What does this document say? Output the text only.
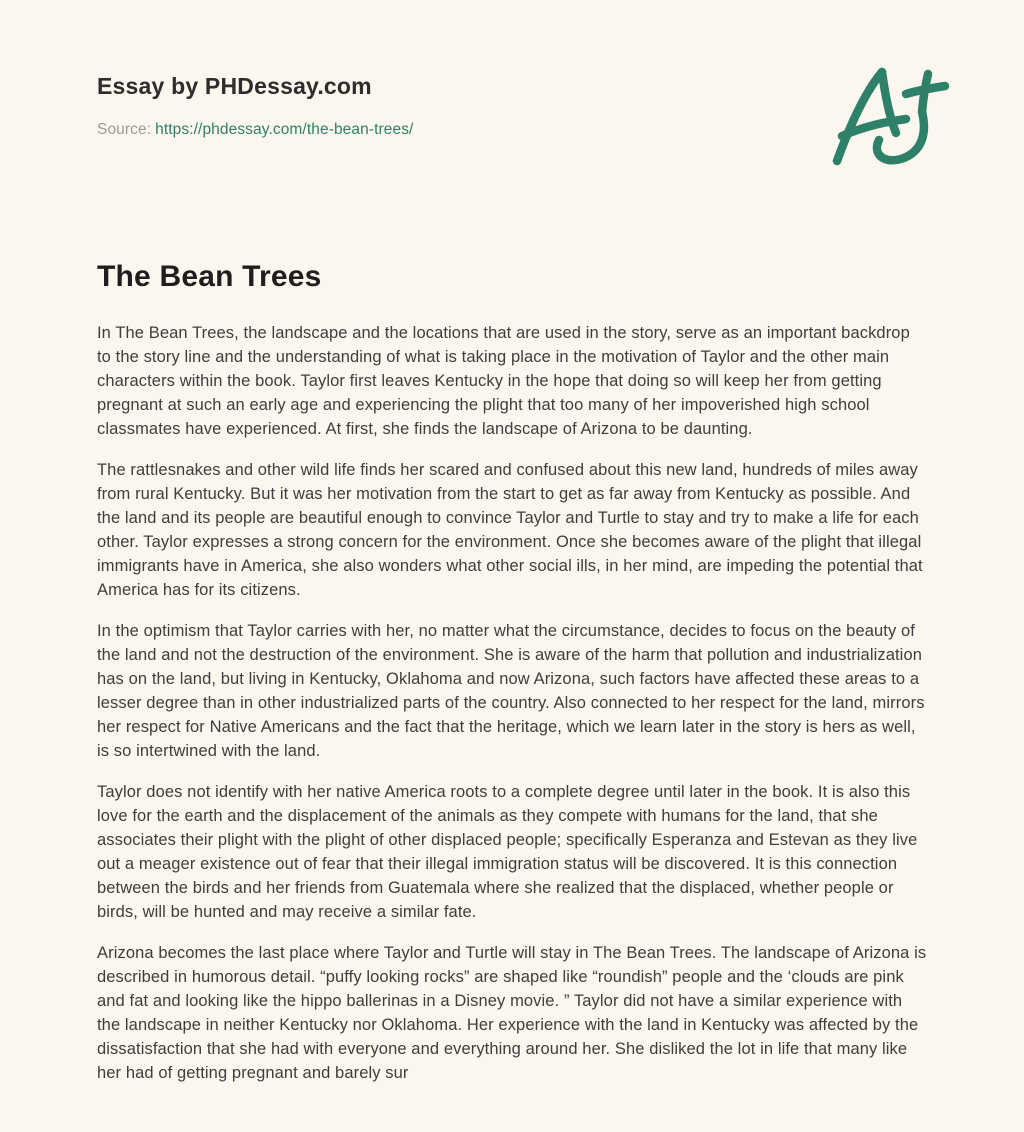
Essay by PHDessay.com
Source: https://phdessay.com/the-bean-trees/
The Bean Trees

In The Bean Trees, the landscape and the locations that are used in the story, serve as an important backdrop to the story line and the understanding of what is taking place in the motivation of Taylor and the other main characters within the book. Taylor first leaves Kentucky in the hope that doing so will keep her from getting pregnant at such an early age and experiencing the plight that too many of her impoverished high school classmates have experienced. At first, she finds the landscape of Arizona to be daunting.

The rattlesnakes and other wild life finds her scared and confused about this new land, hundreds of miles away from rural Kentucky. But it was her motivation from the start to get as far away from Kentucky as possible. And the land and its people are beautiful enough to convince Taylor and Turtle to stay and try to make a life for each other. Taylor expresses a strong concern for the environment. Once she becomes aware of the plight that illegal immigrants have in America, she also wonders what other social ills, in her mind, are impeding the potential that America has for its citizens.

In the optimism that Taylor carries with her, no matter what the circumstance, decides to focus on the beauty of the land and not the destruction of the environment. She is aware of the harm that pollution and industrialization has on the land, but living in Kentucky, Oklahoma and now Arizona, such factors have affected these areas to a lesser degree than in other industrialized parts of the country. Also connected to her respect for the land, mirrors her respect for Native Americans and the fact that the heritage, which we learn later in the story is hers as well, is so intertwined with the land.

Taylor does not identify with her native America roots to a complete degree until later in the book. It is also this love for the earth and the displacement of the animals as they compete with humans for the land, that she associates their plight with the plight of other displaced people; specifically Esperanza and Estevan as they live out a meager existence out of fear that their illegal immigration status will be discovered. It is this connection between the birds and her friends from Guatemala where she realized that the displaced, whether people or birds, will be hunted and may receive a similar fate.

Arizona becomes the last place where Taylor and Turtle will stay in The Bean Trees. The landscape of Arizona is described in humorous detail. “puffy looking rocks” are shaped like “roundish” people and the ‘clouds are pink and fat and looking like the hippo ballerinas in a Disney movie. ” Taylor did not have a similar experience with the landscape in neither Kentucky nor Oklahoma. Her experience with the land in Kentucky was affected by the dissatisfaction that she had with everyone and everything around her. She disliked the lot in life that many like her had of getting pregnant and barely sur
